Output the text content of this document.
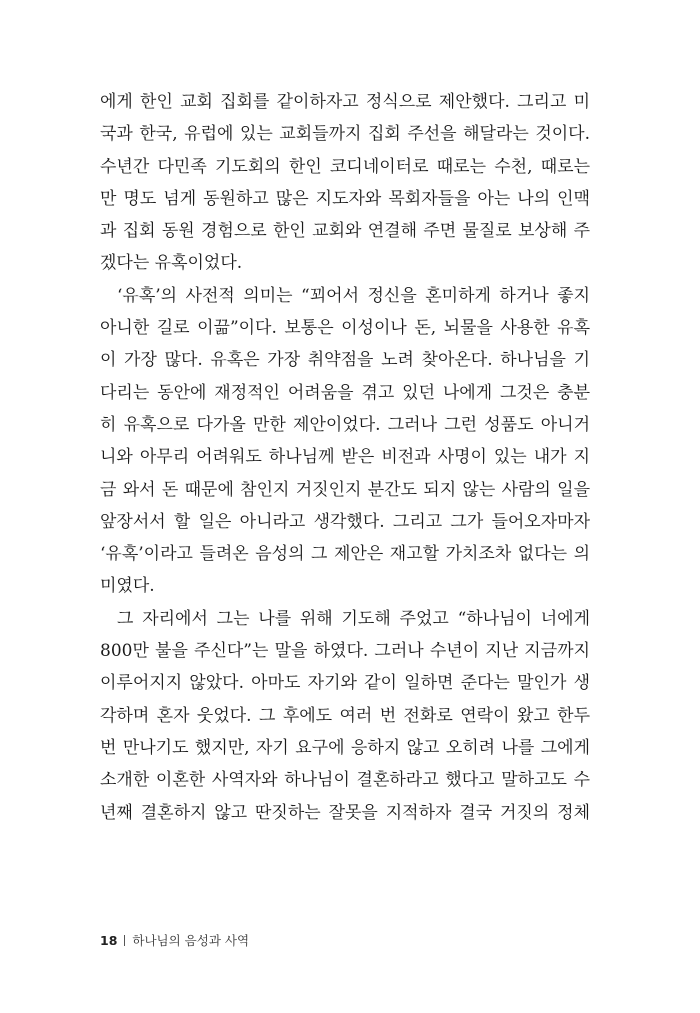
에게 한인 교회 집회를 같이하자고 정식으로 제안했다. 그리고 미
국과 한국, 유럽에 있는 교회들까지 집회 주선을 해달라는 것이다.
수년간 다민족 기도회의 한인 코디네이터로 때로는 수천, 때로는
만 명도 넘게 동원하고 많은 지도자와 목회자들을 아는 나의 인맥
과 집회 동원 경험으로 한인 교회와 연결해 주면 물질로 보상해 주
겠다는 유혹이었다.
‘유혹’의 사전적 의미는 “꾀어서 정신을 혼미하게 하거나 좋지
아니한 길로 이끎”이다. 보통은 이성이나 돈, 뇌물을 사용한 유혹
이 가장 많다. 유혹은 가장 취약점을 노려 찾아온다. 하나님을 기
다리는 동안에 재정적인 어려움을 겪고 있던 나에게 그것은 충분
히 유혹으로 다가올 만한 제안이었다. 그러나 그런 성품도 아니거
니와 아무리 어려워도 하나님께 받은 비전과 사명이 있는 내가 지
금 와서 돈 때문에 참인지 거짓인지 분간도 되지 않는 사람의 일을
앞장서서 할 일은 아니라고 생각했다. 그리고 그가 들어오자마자
‘유혹’이라고 들려온 음성의 그 제안은 재고할 가치조차 없다는 의
미였다.
그 자리에서 그는 나를 위해 기도해 주었고 “하나님이 너에게
800만 불을 주신다”는 말을 하였다. 그러나 수년이 지난 지금까지
이루어지지 않았다. 아마도 자기와 같이 일하면 준다는 말인가 생
각하며 혼자 웃었다. 그 후에도 여러 번 전화로 연락이 왔고 한두
번 만나기도 했지만, 자기 요구에 응하지 않고 오히려 나를 그에게
소개한 이혼한 사역자와 하나님이 결혼하라고 했다고 말하고도 수
년째 결혼하지 않고 딴짓하는 잘못을 지적하자 결국 거짓의 정체
18 하나님의 음성과 사역
